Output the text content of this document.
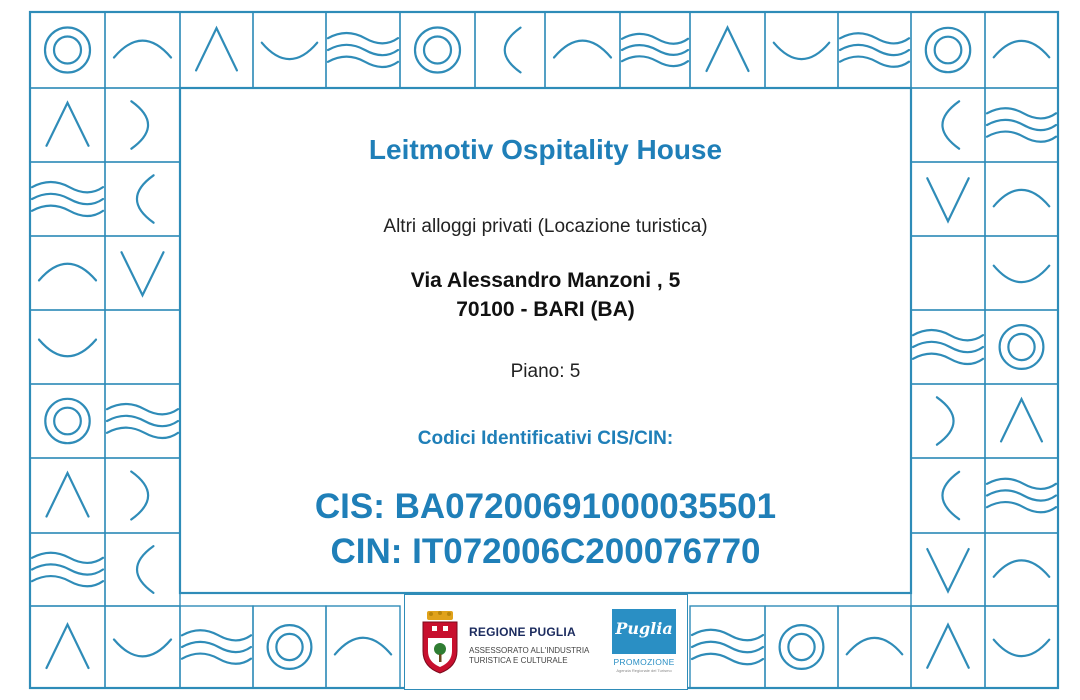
Leitmotiv Ospitality House
Altri alloggi privati (Locazione turistica)
Via Alessandro Manzoni , 5
70100 - BARI (BA)
Piano: 5
Codici Identificativi CIS/CIN:
CIS: BA07200691000035501
CIN: IT072006C200076770
REGIONE PUGLIA
ASSESSORATO ALL'INDUSTRIA
TURISTICA E CULTURALE
Puglia
PROMOZIONE
Agenzia Regionale del Turismo
